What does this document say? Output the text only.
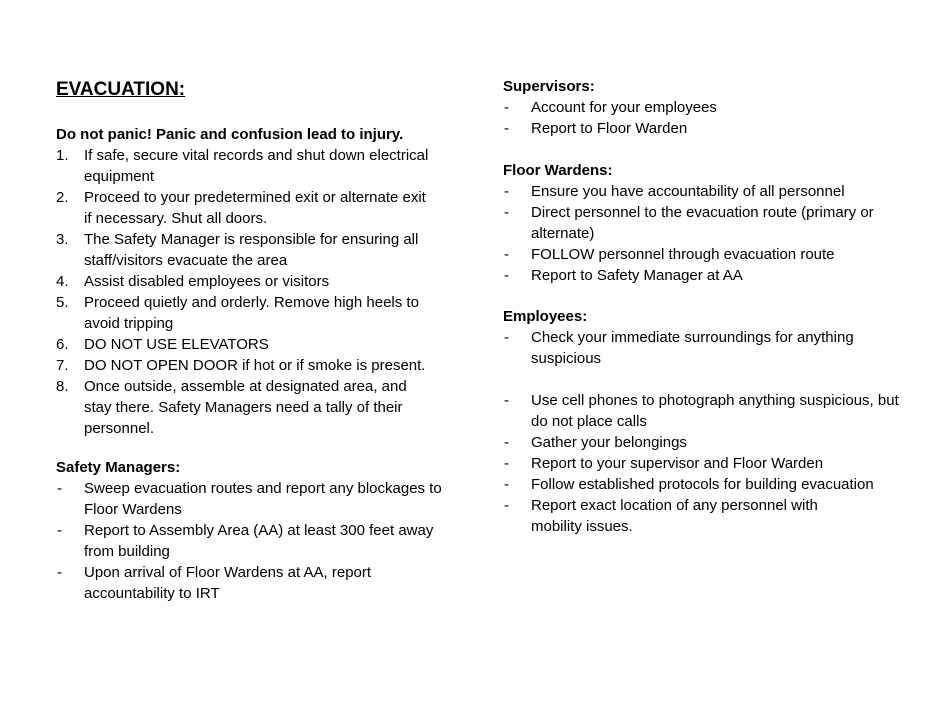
EVACUATION:

Do not panic! Panic and confusion lead to injury.

1.	If safe, secure vital records and shut down electrical equipment
2.	Proceed to your predetermined exit or alternate exit if necessary. Shut all doors.
3.	The Safety Manager is responsible for ensuring all staff/visitors evacuate the area
4.	Assist disabled employees or visitors
5.	Proceed quietly and orderly. Remove high heels to avoid tripping
6.	DO NOT USE ELEVATORS
7.	DO NOT OPEN DOOR if hot or if smoke is present.
8.	Once outside, assemble at designated area, and stay there. Safety Managers need a tally of their personnel.

Safety Managers:

-	Sweep evacuation routes and report any blockages to Floor Wardens
-	Report to Assembly Area (AA) at least 300 feet away from building
-	Upon arrival of Floor Wardens at AA, report accountability to IRT

Supervisors:

-	Account for your employees
-	Report to Floor Warden

Floor Wardens:

-	Ensure you have accountability of all personnel
-	Direct personnel to the evacuation route (primary or alternate)
-	FOLLOW personnel through evacuation route
-	Report to Safety Manager at AA

Employees:

-	Check your immediate surroundings for anything suspicious
-	Use cell phones to photograph anything suspicious, but do not place calls
-	Gather your belongings
-	Report to your supervisor and Floor Warden
-	Follow established protocols for building evacuation
-	Report exact location of any personnel with mobility issues.
